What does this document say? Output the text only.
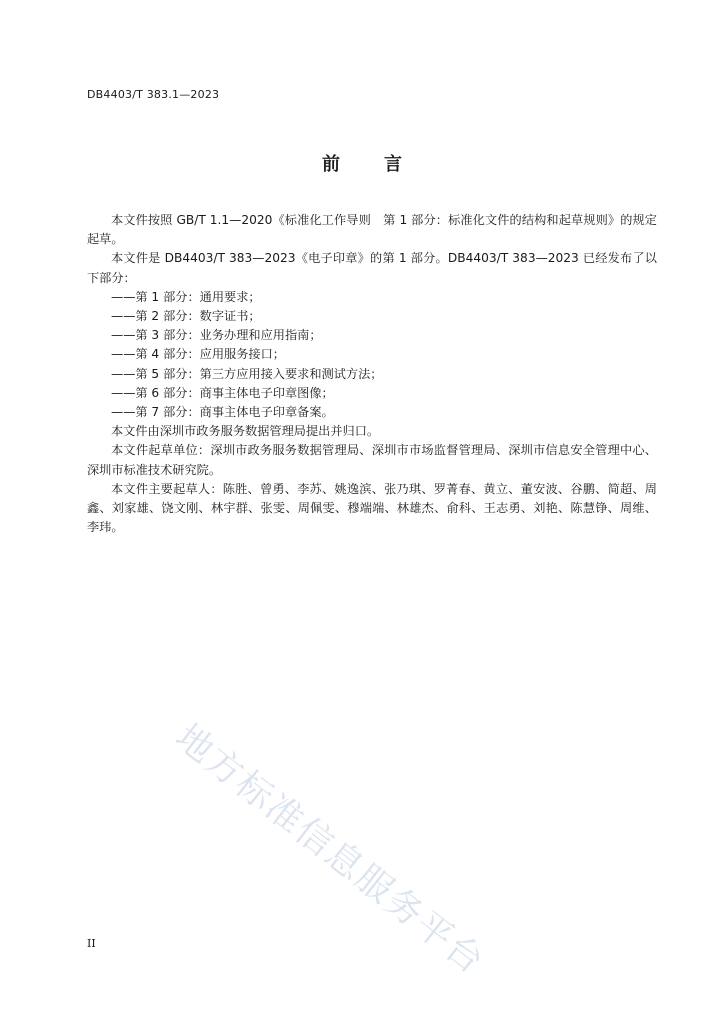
DB4403/T 383.1—2023
前 言

本文件按照 GB/T 1.1—2020《标准化工作导则　第 1 部分：标准化文件的结构和起草规则》的规定起草。

本文件是 DB4403/T 383—2023《电子印章》的第 1 部分。DB4403/T 383—2023 已经发布了以下部分：

——第 1 部分：通用要求；

——第 2 部分：数字证书；

——第 3 部分：业务办理和应用指南；

——第 4 部分：应用服务接口；

——第 5 部分：第三方应用接入要求和测试方法；

——第 6 部分：商事主体电子印章图像；

——第 7 部分：商事主体电子印章备案。

本文件由深圳市政务服务数据管理局提出并归口。

本文件起草单位：深圳市政务服务数据管理局、深圳市市场监督管理局、深圳市信息安全管理中心、深圳市标准技术研究院。

本文件主要起草人：陈胜、曾勇、李苏、姚逸滨、张乃琪、罗菁春、黄立、董安波、谷鹏、简超、周鑫、刘家雄、饶文刚、林宇群、张雯、周佩雯、穆端端、林雄杰、俞科、王志勇、刘艳、陈慧铮、周维、李玮。

地方标准信息服务平台
II
